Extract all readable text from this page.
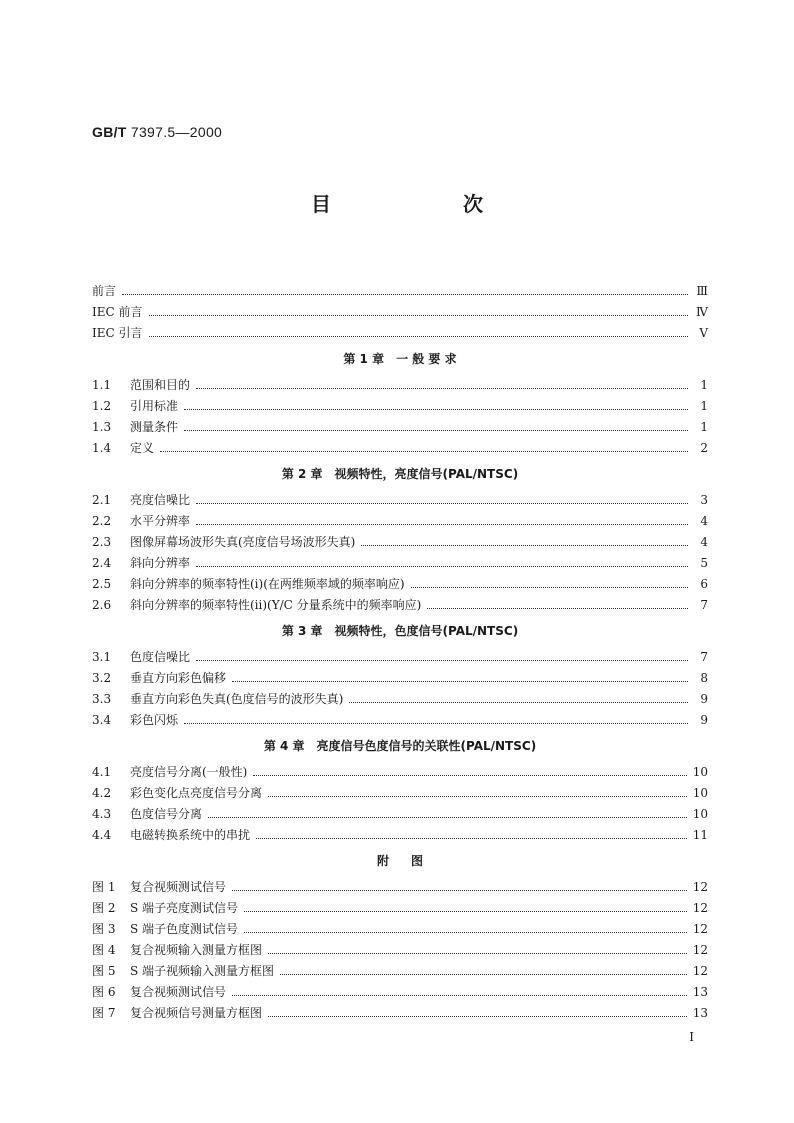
GB/T 7397.5—2000
目　次
前言	Ⅲ
IEC 前言	Ⅳ
IEC 引言	Ⅴ
第 1 章　一 般 要 求
1.1	范围和目的	1
1.2	引用标准	1
1.3	测量条件	1
1.4	定义	2
第 2 章　视频特性，亮度信号(PAL/NTSC)
2.1	亮度信噪比	3
2.2	水平分辨率	4
2.3	图像屏幕场波形失真(亮度信号场波形失真)	4
2.4	斜向分辨率	5
2.5	斜向分辨率的频率特性(i)(在两维频率域的频率响应)	6
2.6	斜向分辨率的频率特性(ii)(Y/C 分量系统中的频率响应)	7
第 3 章　视频特性，色度信号(PAL/NTSC)
3.1	色度信噪比	7
3.2	垂直方向彩色偏移	8
3.3	垂直方向彩色失真(色度信号的波形失真)	9
3.4	彩色闪烁	9
第 4 章　亮度信号色度信号的关联性(PAL/NTSC)
4.1	亮度信号分离(一般性)	10
4.2	彩色变化点亮度信号分离	10
4.3	色度信号分离	10
4.4	电磁转换系统中的串扰	11
附图
图 1	复合视频测试信号	12
图 2	S 端子亮度测试信号	12
图 3	S 端子色度测试信号	12
图 4	复合视频输入测量方框图	12
图 5	S 端子视频输入测量方框图	12
图 6	复合视频测试信号	13
图 7	复合视频信号测量方框图	13
Ⅰ
